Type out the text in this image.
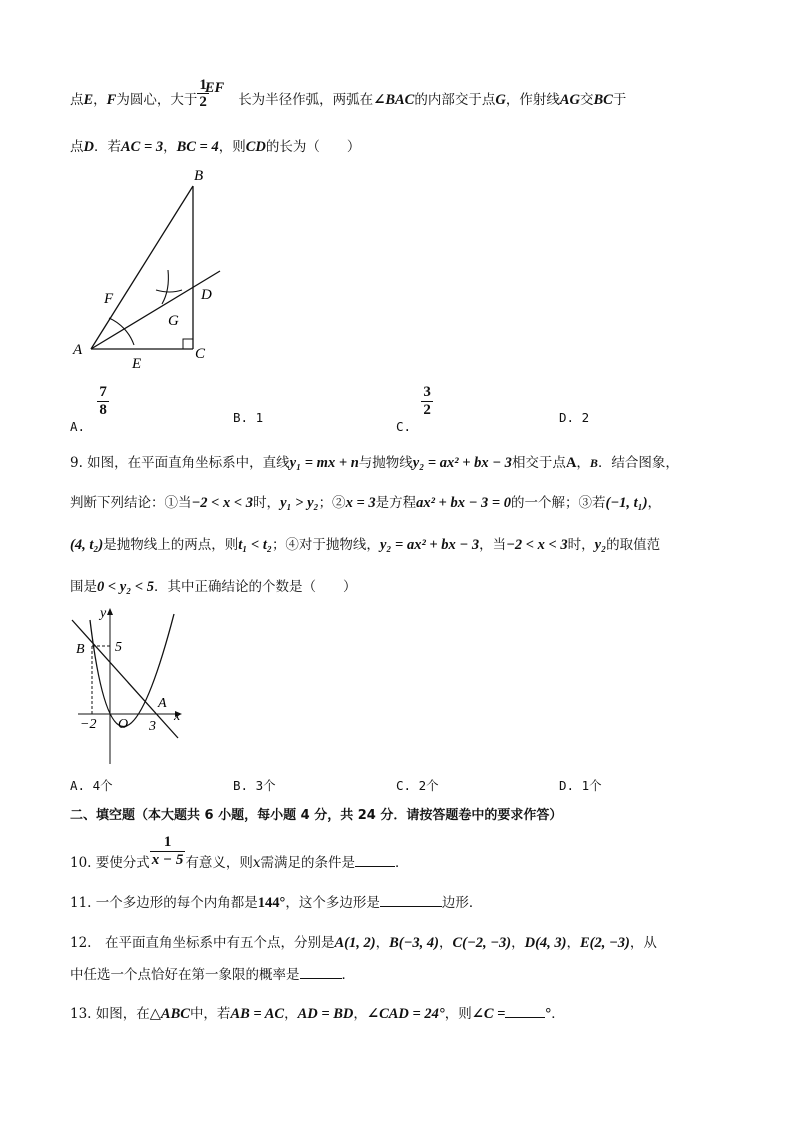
点E，F为圆心，大于 $\frac{1}{2}$
EF长为半径作弧，两弧在∠BAC的内部交于点G，作射线AG交BC于
点D．若AC = 3，BC = 4，则CD的长为（　　）
B
F	D
G
A
E
C
A.
$\frac{7}{8}$	B. 1
C.
$\frac{3}{2}$	D. 2
9. 如图，在平面直角坐标系中，直线y₁ = mx + n与抛物线y₂ = ax² + bx − 3相交于点A，B．结合图象，
判断下列结论：①当−2 < x < 3时，y₁ > y₂；②x = 3是方程ax² + bx − 3 = 0的一个解；③若(−1, t₁)，
(4, t₂)是抛物线上的两点，则t₁ < t₂；④对于抛物线，y₂ = ax² + bx − 3，当−2 < x < 3时，y₂的取值范
围是0 < y₂ < 5．其中正确结论的个数是（　　）
y
5
B
A
x
−2 O 3
A. 4个	B. 3个	C. 2个	D. 1个
二、填空题（本大题共 6 小题，每小题 4 分，共 24 分．请按答题卷中的要求作答）
10. 要使分式 $\frac{1}{x - 5}$ 有意义，则x需满足的条件是	．
11. 一个多边形的每个内角都是144°，这个多边形是	边形．
12.　在平面直角坐标系中有五个点，分别是A(1, 2)，B(−3, 4)，C(−2, −3)，D(4, 3)，E(2, −3)，从
中任选一个点恰好在第一象限的概率是	．
13. 如图，在△ABC中，若AB = AC，AD = BD，∠CAD = 24°，则∠C =	°．
